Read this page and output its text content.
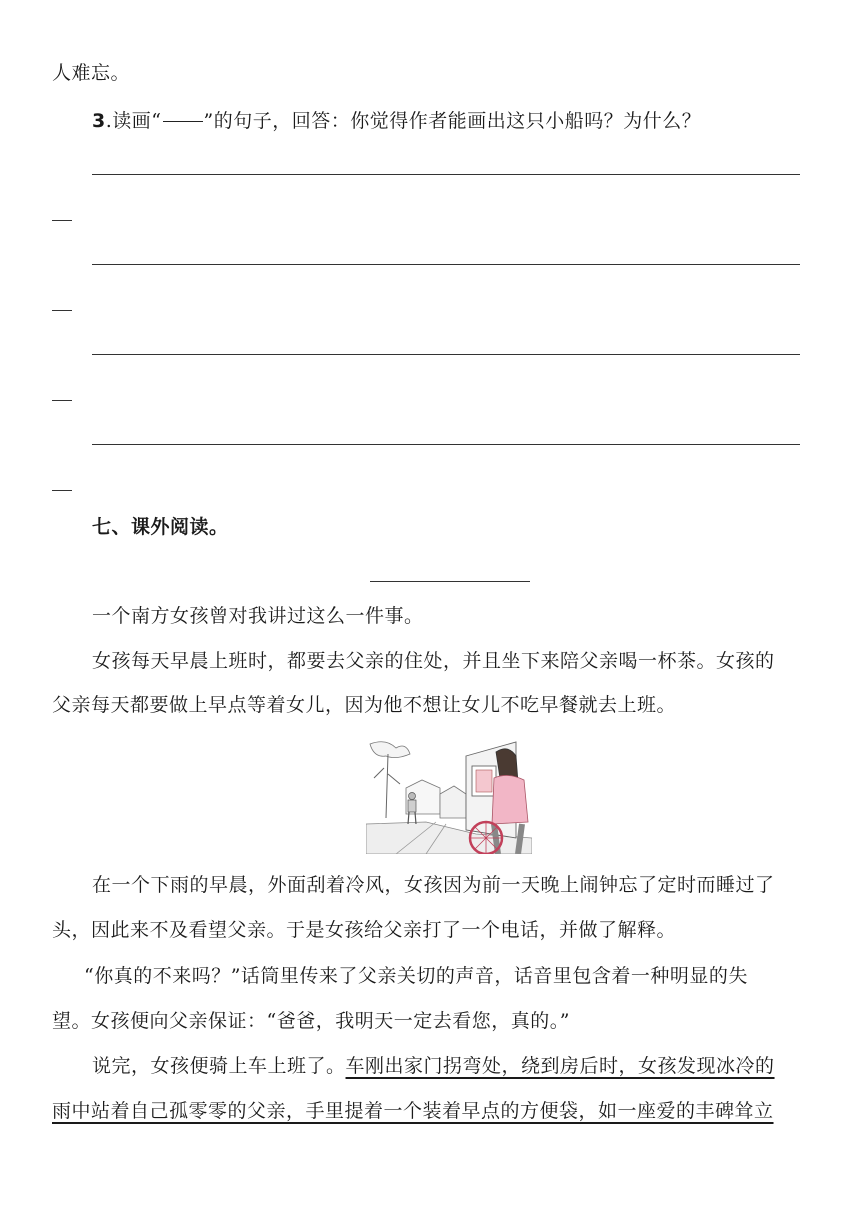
人难忘。
3.读画“ ”的句子，回答：你觉得作者能画出这只小船吗？为什么？
七、课外阅读。
一个南方女孩曾对我讲过这么一件事。
女孩每天早晨上班时，都要去父亲的住处，并且坐下来陪父亲喝一杯茶。女孩的
父亲每天都要做上早点等着女儿，因为他不想让女儿不吃早餐就去上班。
在一个下雨的早晨，外面刮着冷风，女孩因为前一天晚上闹钟忘了定时而睡过了
头，因此来不及看望父亲。于是女孩给父亲打了一个电话，并做了解释。
“你真的不来吗？”话筒里传来了父亲关切的声音，话音里包含着一种明显的失
望。女孩便向父亲保证：“爸爸，我明天一定去看您，真的。”
说完，女孩便骑上车上班了。车刚出家门拐弯处，绕到房后时，女孩发现冰冷的
雨中站着自己孤零零的父亲，手里提着一个装着早点的方便袋，如一座爱的丰碑耸立
